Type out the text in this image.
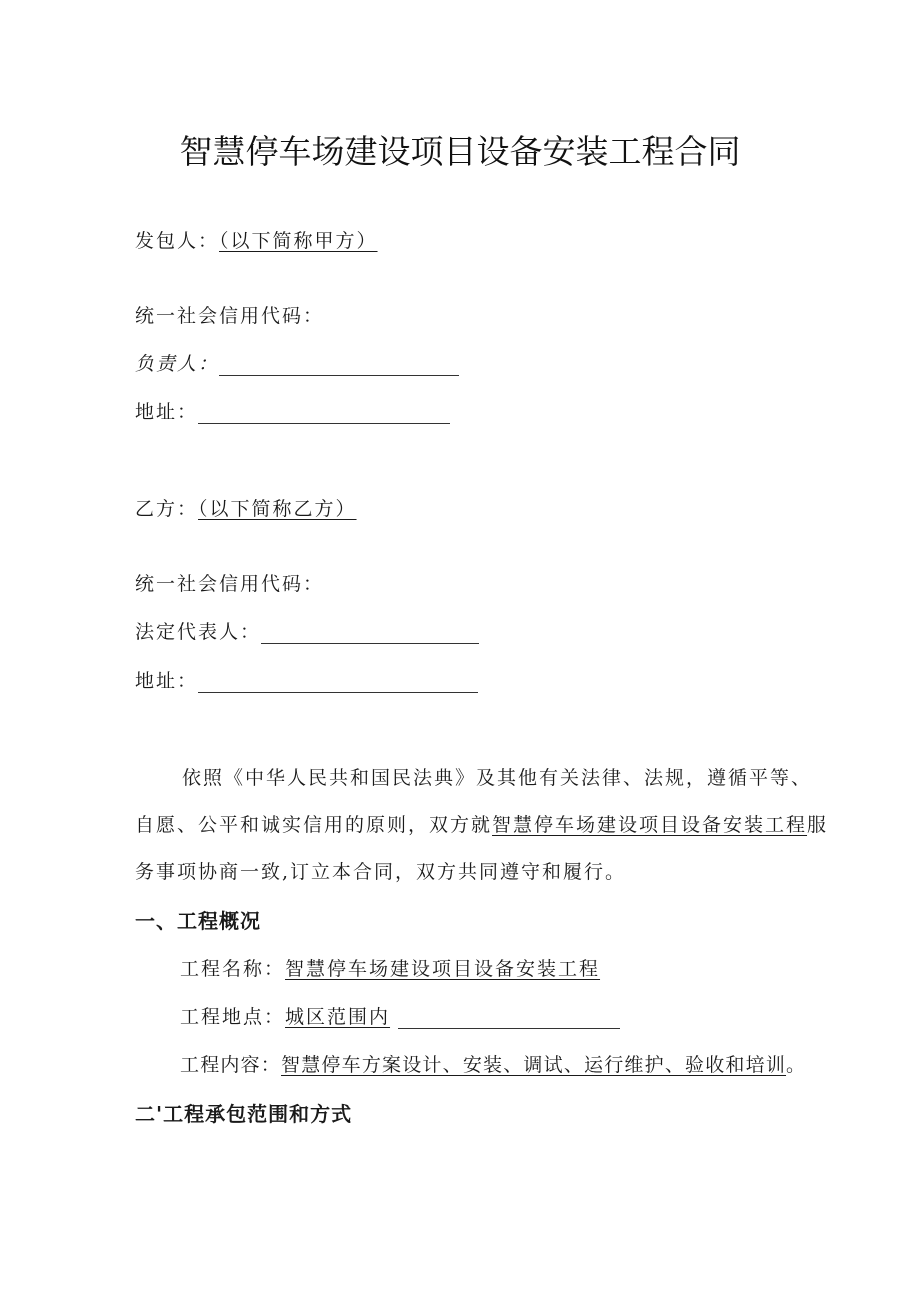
智慧停车场建设项目设备安装工程合同
发包人：（以下简称甲方）
统一社会信用代码：
负责人：
地址：
乙方：（以下简称乙方）
统一社会信用代码：
法定代表人：
地址：
依照《中华人民共和国民法典》及其他有关法律、法规，遵循平等、
自愿、公平和诚实信用的原则，双方就智慧停车场建设项目设备安装工程服
务事项协商一致,订立本合同，双方共同遵守和履行。
一、工程概况
工程名称：智慧停车场建设项目设备安装工程
工程地点：城区范围内
工程内容：智慧停车方案设计、安装、调试、运行维护、验收和培训。
二'工程承包范围和方式
